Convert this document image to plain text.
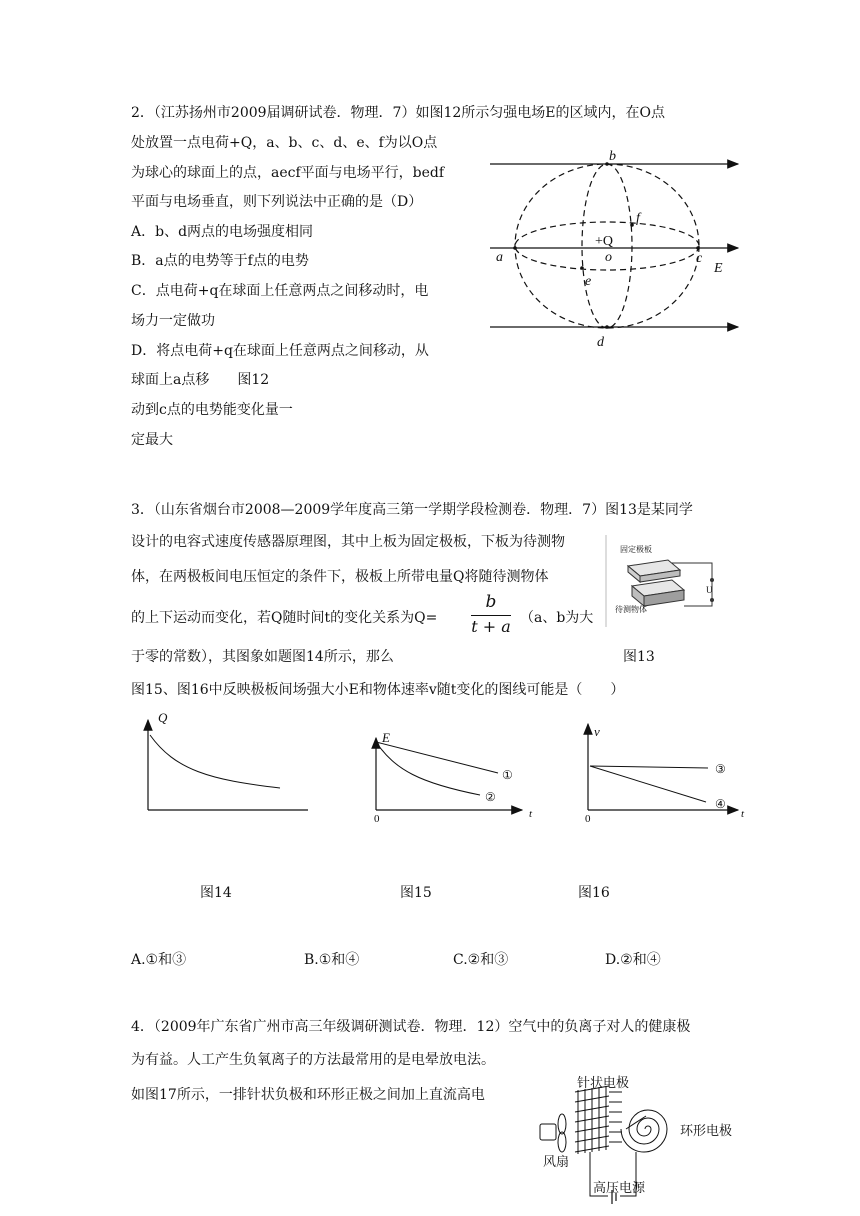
2．（江苏扬州市2009届调研试卷．物理．7）如图12所示匀强电场E的区域内，在O点
处放置一点电荷+Q，a、b、c、d、e、f为以O点
为球心的球面上的点，aecf平面与电场平行，bedf
平面与电场垂直，则下列说法中正确的是（D）
A．b、d两点的电场强度相同
B．a点的电势等于f点的电势
C．点电荷+q在球面上任意两点之间移动时，电
场力一定做功
D．将点电荷+q在球面上任意两点之间移动，从
球面上a点移　　图12
动到c点的电势能变化量一
定最大
b
f
+Q
o
a	c
E
e
d
3．（山东省烟台市2008—2009学年度高三第一学期学段检测卷．物理．7）图13是某同学
设计的电容式速度传感器原理图，其中上板为固定极板，下板为待测物
体，在两极板间电压恒定的条件下，极板上所带电量Q将随待测物体
的上下运动而变化，若Q随时间t的变化关系为Q=
b
t + a （a、b为大
于零的常数），其图象如题图14所示，那么	图13
图15、图16中反映极板间场强大小E和物体速率v随t变化的图线可能是（　　）
固定极板
待测物体
U
Q
E
0	t
①
②
v
0	t
③
④
图14	图15	图16
A.①和③	B.①和④	C.②和③	D.②和④
4．（2009年广东省广州市高三年级调研测试卷．物理．12）空气中的负离子对人的健康极
为有益。人工产生负氧离子的方法最常用的是电晕放电法。
如图17所示，一排针状负极和环形正极之间加上直流高电
针状电极
环形电极
风扇
高压电源
